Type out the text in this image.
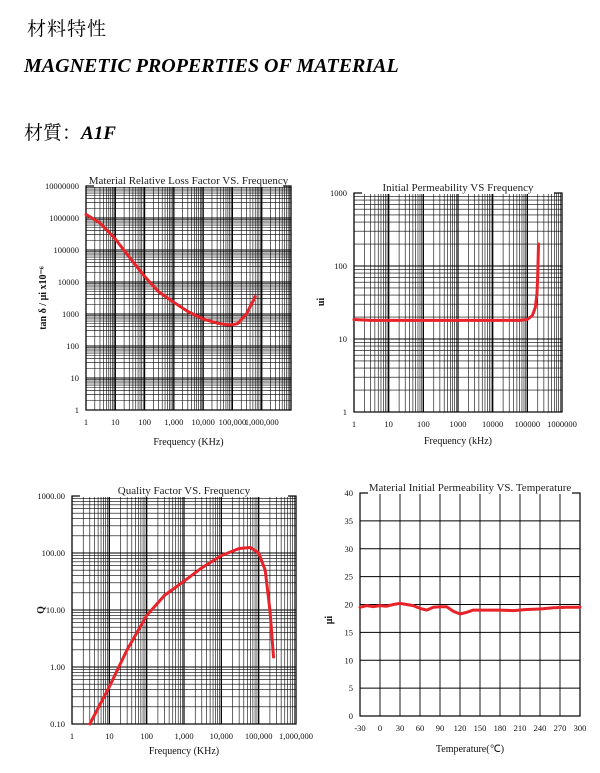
材料特性
MAGNETIC PROPERTIES OF MATERIAL
材質：A1F
Material Relative Loss Factor VS. Frequency
1	10 100 1,000 10,000 100,000
1,000,000
1
10
100
1000
10000
100000
1000000
10000000
Frequency (KHz)
tan δ / μi x10⁻⁶
Initial Permeability VS Frequency
1	10	100 1000 10000 100000 1000000
1
10
100
1000
Frequency (kHz)
ui
Quality Factor VS. Frequency
1	10	100	1,000 10,000 100,000 1,000,000
0.10
1.00
10.00
100.00
1000.00
Frequency (KHz)
Q
Material Initial Permeability VS. Temperature
-30 0 30 60 90 120 150 180 210 240 270 300
0
5
10
15
20
25
30
35
40
Temperature(℃)
μi
